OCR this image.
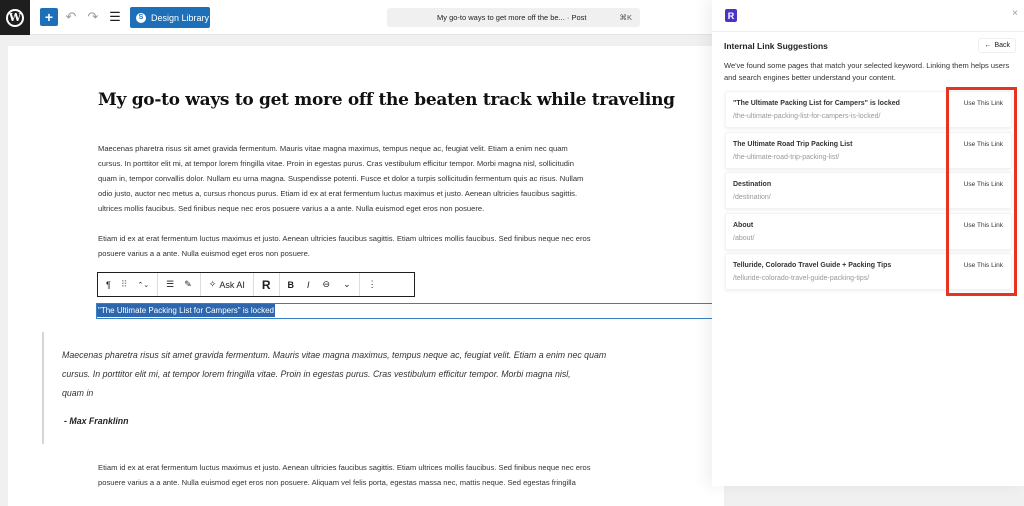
W	+ ↶ ↷ ☰	S Design Library	My go-to ways to get more off the be... · Post	⌘K
My go-to ways to get more off the beaten track while traveling
Maecenas pharetra risus sit amet gravida fermentum. Mauris vitae magna maximus, tempus neque ac, feugiat velit. Etiam a enim nec quam
cursus. In porttitor elit mi, at tempor lorem fringilla vitae. Proin in egestas purus. Cras vestibulum efficitur tempor. Morbi magna nisl, sollicitudin
quam in, tempor convallis dolor. Nullam eu urna magna. Suspendisse potenti. Fusce et dolor a turpis sollicitudin fermentum quis ac risus. Nullam
odio justo, auctor nec metus a, cursus rhoncus purus. Etiam id ex at erat fermentum luctus maximus et justo. Aenean ultricies faucibus sagittis.
ultrices mollis faucibus. Sed finibus neque nec eros posuere varius a a ante. Nulla euismod eget eros non posuere.
Etiam id ex at erat fermentum luctus maximus et justo. Aenean ultricies faucibus sagittis. Etiam ultrices mollis faucibus. Sed finibus neque nec eros
posuere varius a a ante. Nulla euismod eget eros non posuere.
¶ ⠿ ⌃⌄ ☰ ✎ ✧ Ask AI R B I ⊖ ⌄ ⋮
"The Ultimate Packing List for Campers" is locked
Maecenas pharetra risus sit amet gravida fermentum. Mauris vitae magna maximus, tempus neque ac, feugiat velit. Etiam a enim nec quam
cursus. In porttitor elit mi, at tempor lorem fringilla vitae. Proin in egestas purus. Cras vestibulum efficitur tempor. Morbi magna nisl,
quam in
- Max Franklinn
Etiam id ex at erat fermentum luctus maximus et justo. Aenean ultricies faucibus sagittis. Etiam ultrices mollis faucibus. Sed finibus neque nec eros
posuere varius a a ante. Nulla euismod eget eros non posuere. Aliquam vel felis porta, egestas massa nec, mattis neque. Sed egestas fringilla
R	×
Internal Link Suggestions	← Back
We've found some pages that match your selected keyword. Linking them helps users and search engines better understand your content.
"The Ultimate Packing List for Campers" is locked
/the-ultimate-packing-list-for-campers-is-locked/
Use This Link
The Ultimate Road Trip Packing List
/the-ultimate-road-trip-packing-list/
Use This Link
Destination
/destination/
Use This Link
About
/about/
Use This Link
Telluride, Colorado Travel Guide + Packing Tips
/telluride-colorado-travel-guide-packing-tips/
Use This Link
